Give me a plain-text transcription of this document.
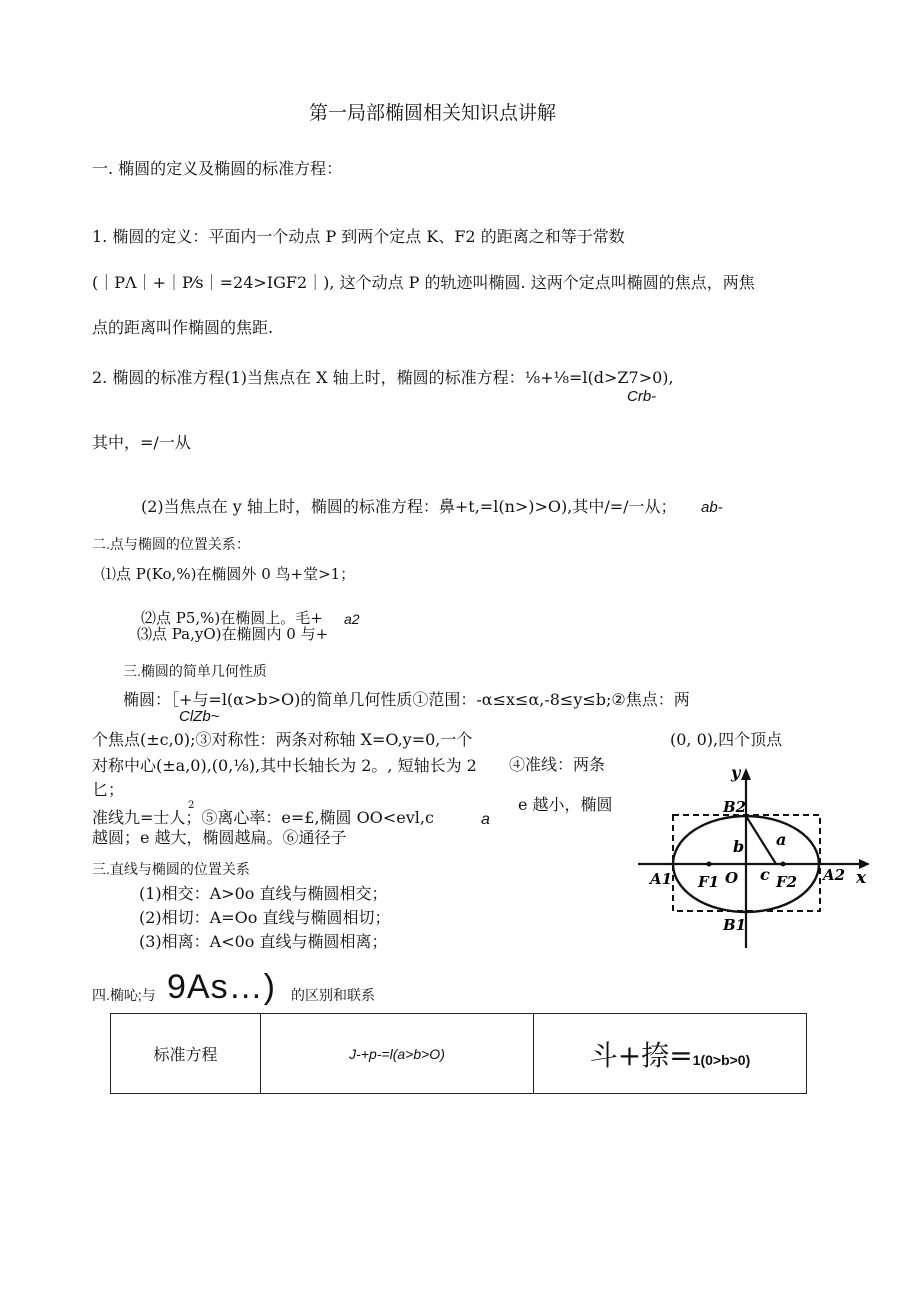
第一局部椭圆相关知识点讲解
一. 椭圆的定义及椭圆的标准方程：
1. 椭圆的定义：平面内一个动点 P 到两个定点 K、F2 的距离之和等于常数
(｜PΛ｜+｜P⁄s｜=24>IGF2｜), 这个动点 P 的轨迹叫椭圆. 这两个定点叫椭圆的焦点，两焦
点的距离叫作椭圆的焦距.
2. 椭圆的标准方程(1)当焦点在 X 轴上时，椭圆的标准方程：⅛+⅛=l(d>Z7>0),
Crb-
其中，=/一从
(2)当焦点在 y 轴上时，椭圆的标准方程：鼻+t,=l(n>)>O),其中/=/一从； ab-
二.点与椭圆的位置关系：
⑴点 P(Ko,%)在椭圆外 0 鸟+堂>1；
⑵点 P5,%)在椭圆上。毛+ a2
⑶点 Pa,yO)在椭圆内 0 与+
三.椭圆的简单几何性质
椭圆：［+与=l(α>b>O)的简单几何性质①范围：-α≤x≤α,-8≤y≤b;②焦点：两
ClZb~
个焦点(±c,0);③对称性：两条对称轴 X=O,y=0,一个	(0, 0),四个顶点
对称中心(±a,0),(0,⅛),其中长轴长为 2。, 短轴长为 2 ④准线：两条
匕；
准线九=士人；⑤离心率：e=£,椭圆 OO<evl,c
2
a
e 越小，椭圆
越圆；e 越大，椭圆越扁。⑥通径子
y
x
B2
B1
A1	A2
F1	F2
O
a
b
c
三.直线与椭圆的位置关系
(1)相交：A>0o 直线与椭圆相交；
(2)相切：A=Oo 直线与椭圆相切；
(3)相离：A<0o 直线与椭圆相离；
四.椭吣;与 9As…) 的区别和联系
标准方程	J-+p-=l(a>b>O)	斗+捺=1(0>b>0)
